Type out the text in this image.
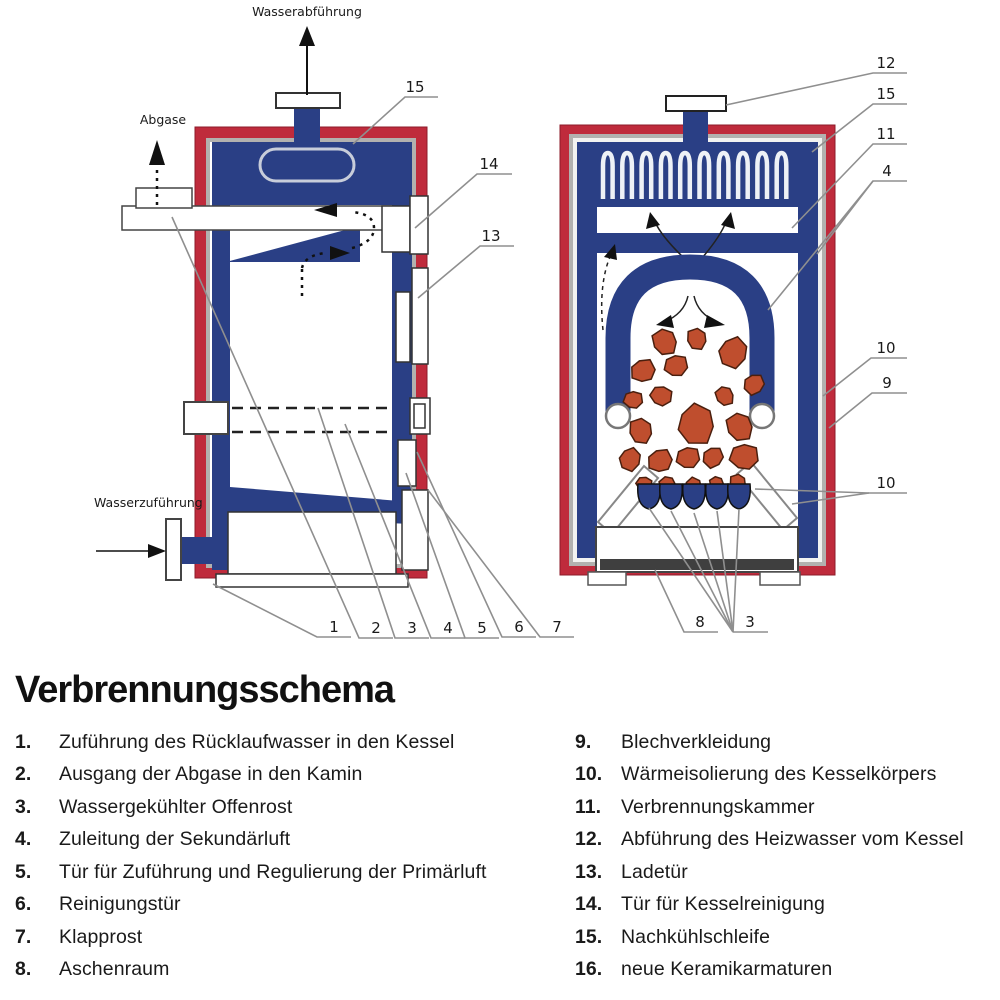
Wasserabführung
Abgase
Wasserzuführung
15
14
13
1 2 3 4 5 6 7
12
15
11
4
10
9
10
8	3
Verbrennungsschema
1.	Zuführung des Rücklaufwasser in den Kessel
2.	Ausgang der Abgase in den Kamin
3.	Wassergekühlter Offenrost
4.	Zuleitung der Sekundärluft
5.	Tür für Zuführung und Regulierung der Primärluft
6.	Reinigungstür
7.	Klapprost
8.	Aschenraum
9.	Blechverkleidung
10. Wärmeisolierung des Kesselkörpers
11.	Verbrennungskammer
12. Abführung des Heizwasser vom Kessel
13. Ladetür
14. Tür für Kesselreinigung
15. Nachkühlschleife
16. neue Keramikarmaturen
